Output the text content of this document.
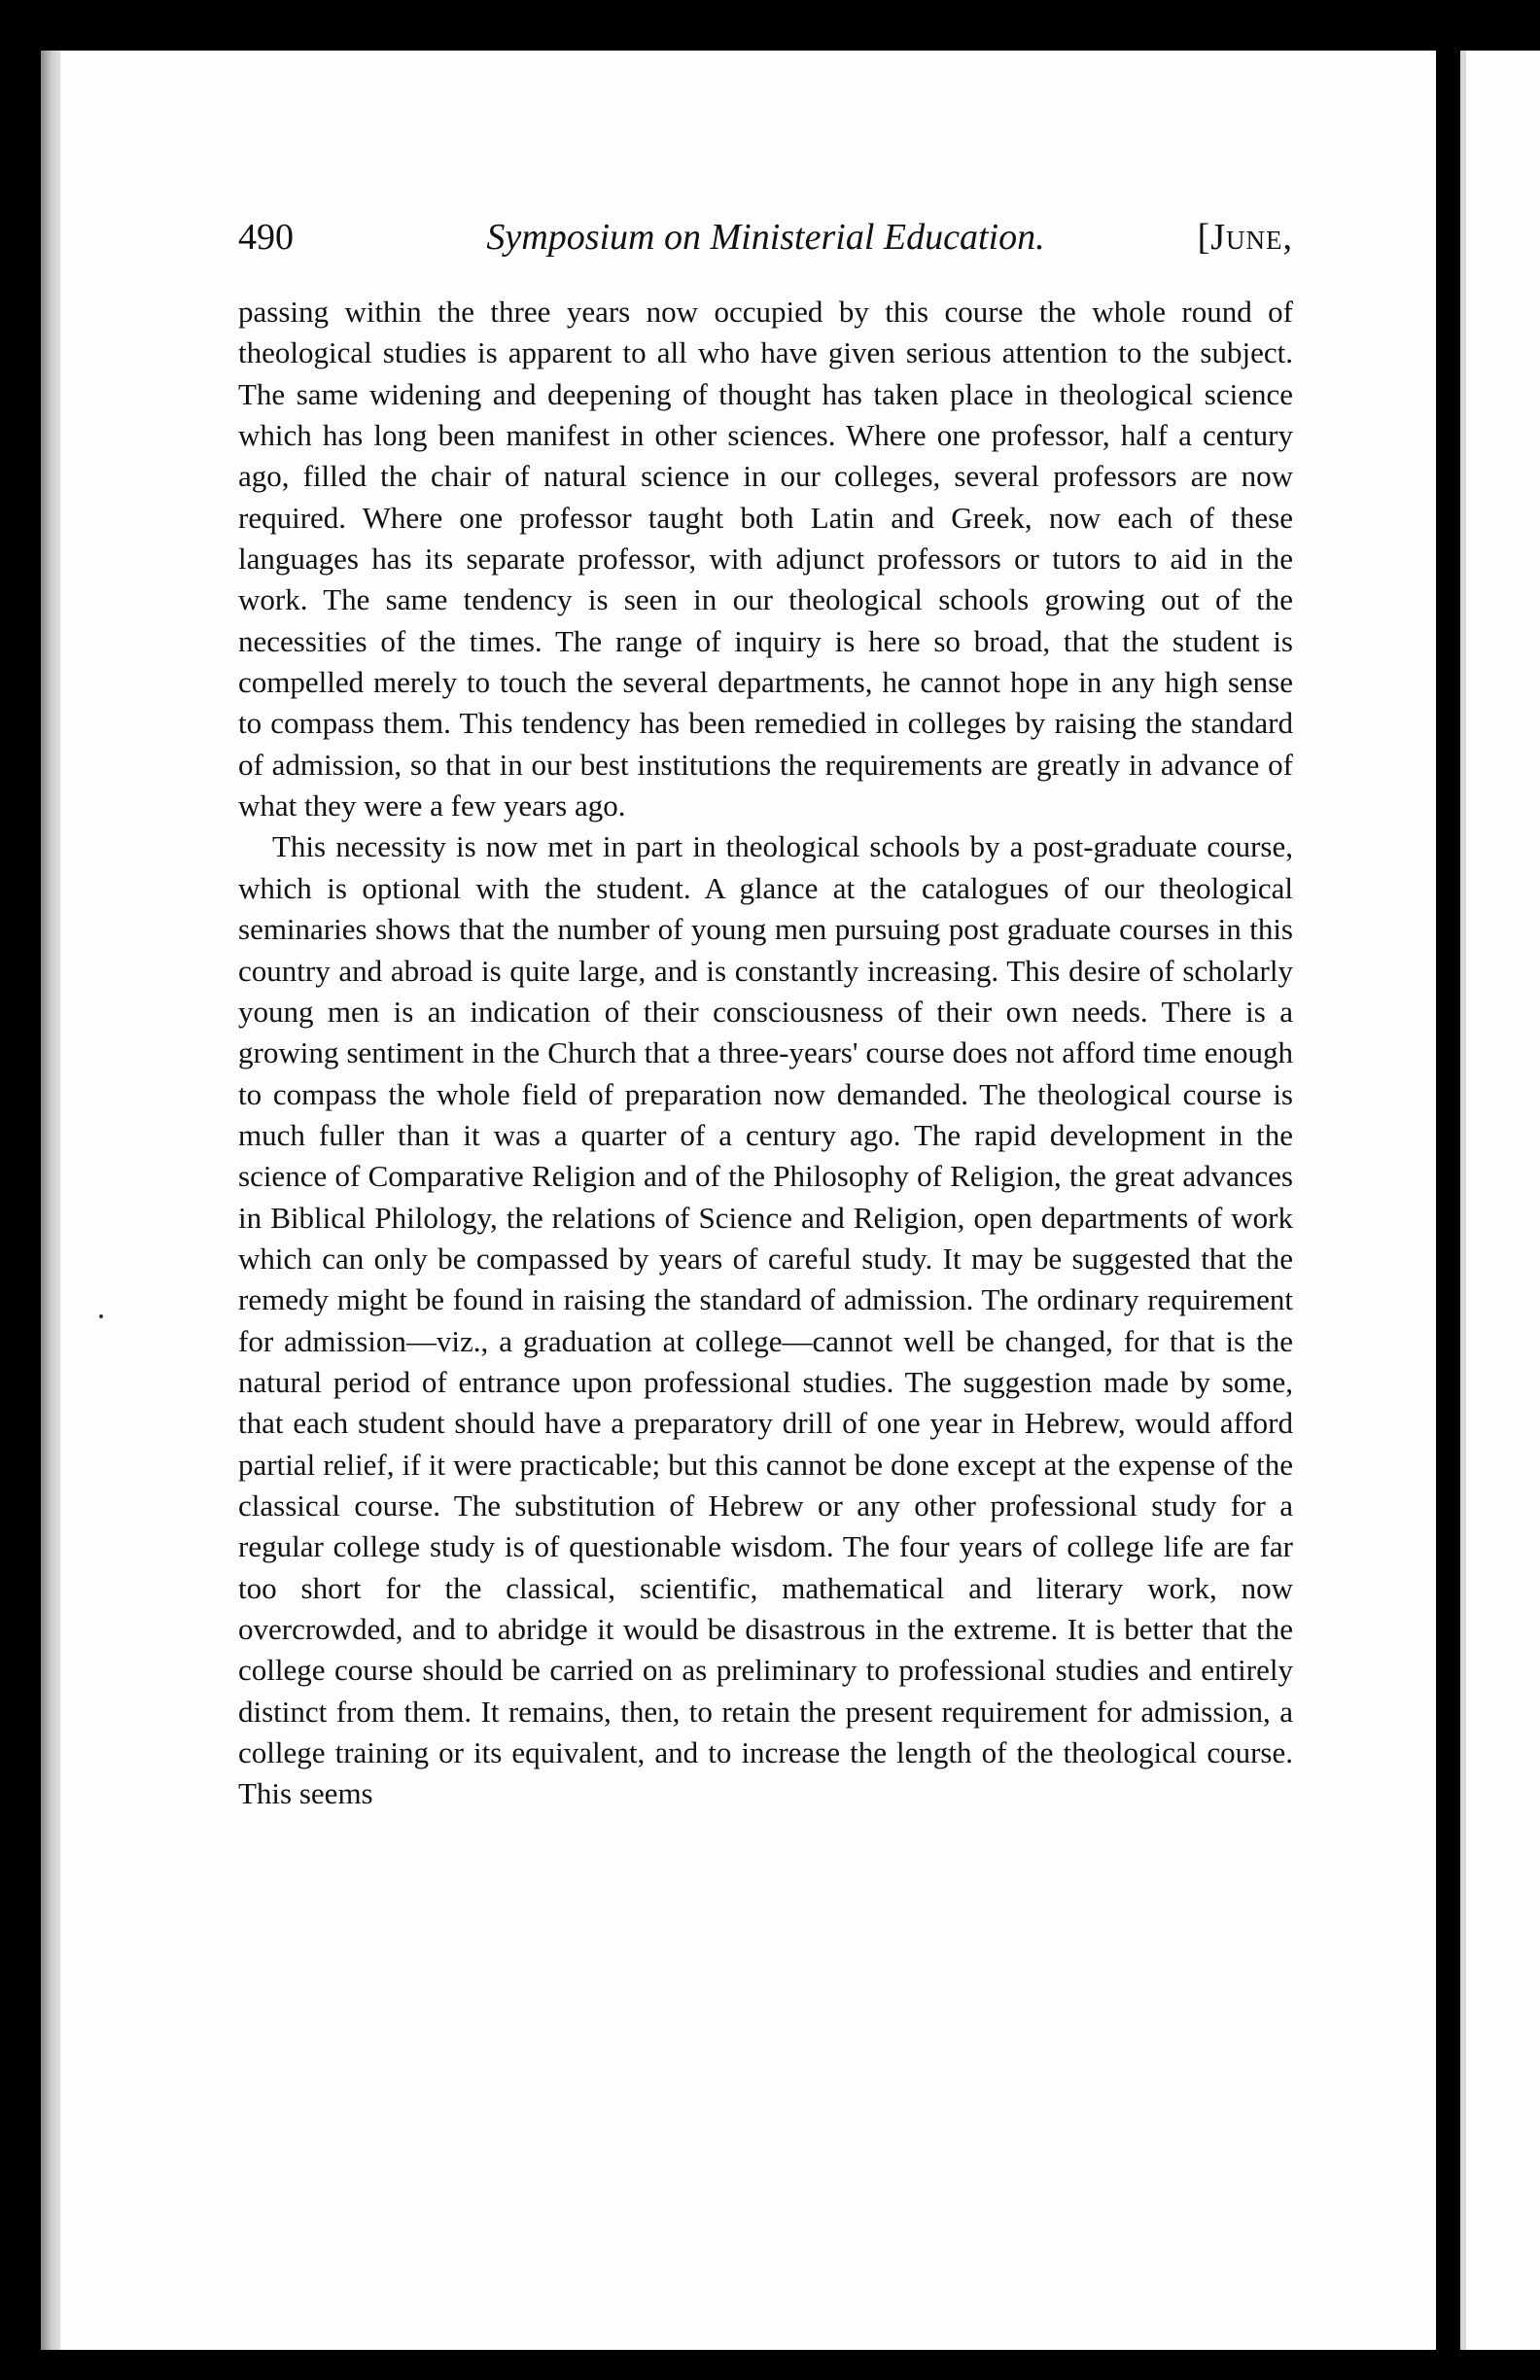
490	Symposium on Ministerial Education.	[June,

passing within the three years now occupied by this course the whole round of theological studies is apparent to all who have given serious attention to the subject. The same widening and deepening of thought has taken place in theological science which has long been manifest in other sciences. Where one professor, half a century ago, filled the chair of natural science in our colleges, several professors are now required. Where one professor taught both Latin and Greek, now each of these languages has its separate professor, with adjunct professors or tutors to aid in the work. The same tendency is seen in our theological schools growing out of the necessities of the times. The range of inquiry is here so broad, that the student is compelled merely to touch the several departments, he cannot hope in any high sense to compass them. This tendency has been remedied in colleges by raising the standard of admission, so that in our best institutions the requirements are greatly in advance of what they were a few years ago.

This necessity is now met in part in theological schools by a post-graduate course, which is optional with the student. A glance at the catalogues of our theological seminaries shows that the number of young men pursuing post graduate courses in this country and abroad is quite large, and is constantly increasing. This desire of scholarly young men is an indication of their consciousness of their own needs. There is a growing sentiment in the Church that a three-years' course does not afford time enough to compass the whole field of preparation now demanded. The theological course is much fuller than it was a quarter of a century ago. The rapid development in the science of Comparative Religion and of the Philosophy of Religion, the great advances in Biblical Philology, the relations of Science and Religion, open departments of work which can only be compassed by years of careful study. It may be suggested that the remedy might be found in raising the standard of admission. The ordinary requirement for admission—viz., a graduation at college—cannot well be changed, for that is the natural period of entrance upon professional studies. The suggestion made by some, that each student should have a preparatory drill of one year in Hebrew, would afford partial relief, if it were practicable; but this cannot be done except at the expense of the classical course. The substitution of Hebrew or any other professional study for a regular college study is of questionable wisdom. The four years of college life are far too short for the classical, scientific, mathematical and literary work, now overcrowded, and to abridge it would be disastrous in the extreme. It is better that the college course should be carried on as preliminary to professional studies and entirely distinct from them. It remains, then, to retain the present requirement for admission, a college training or its equivalent, and to increase the length of the theological course. This seems
